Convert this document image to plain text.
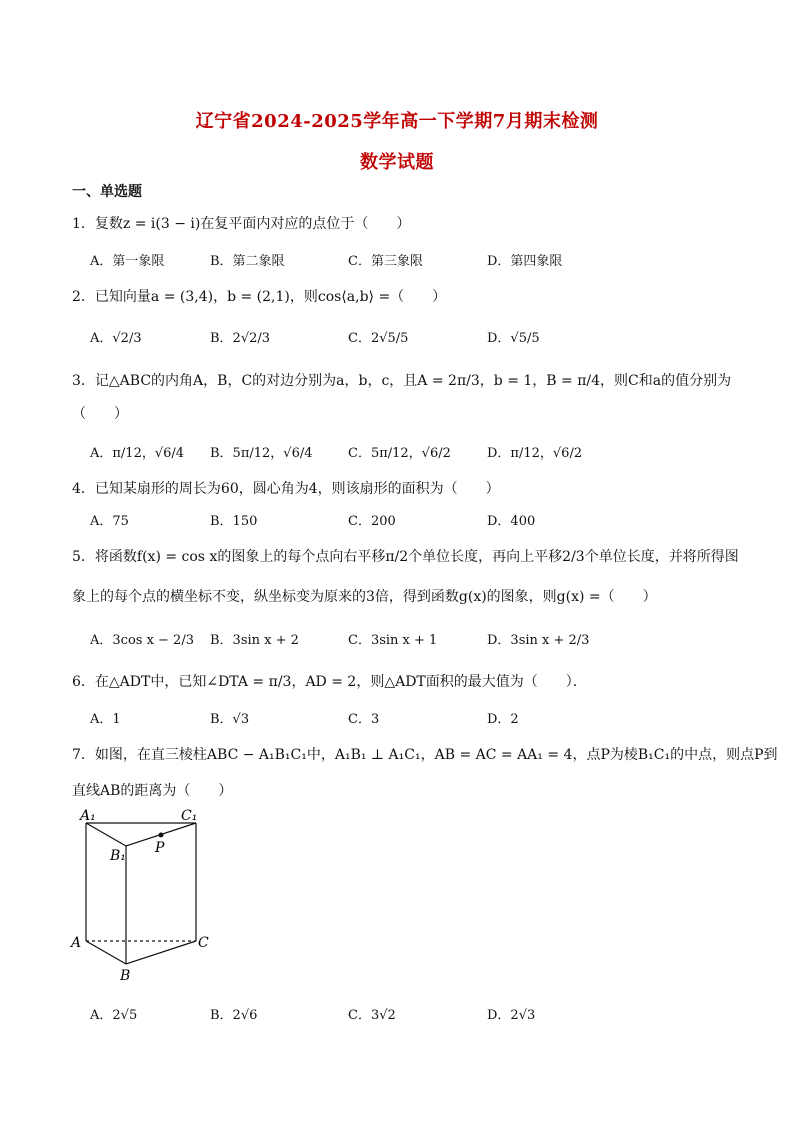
辽宁省2024-2025学年高一下学期7月期末检测
数学试题
一、单选题
1．复数z = i(3 − i)在复平面内对应的点位于（　　）
A．第一象限	B．第二象限	C．第三象限	D．第四象限
2．已知向量a = (3,4)，b = (2,1)，则cos⟨a,b⟩ =（　　）
A．√2/3	B．2√2/3	C．2√5/5	D．√5/5
3．记△ABC的内角A，B，C的对边分别为a，b，c，且A = 2π/3，b = 1，B = π/4，则C和a的值分别为
（　　）
A．π/12，√6/4 B．5π/12，√6/4	C．5π/12，√6/2	D．π/12，√6/2
4．已知某扇形的周长为60，圆心角为4，则该扇形的面积为（　　）
A．75	B．150	C．200	D．400
5．将函数f(x) = cos x的图象上的每个点向右平移π/2个单位长度，再向上平移2/3个单位长度，并将所得图
象上的每个点的横坐标不变，纵坐标变为原来的3倍，得到函数g(x)的图象，则g(x) =（　　）
A．3cos x − 2/3 B．3sin x + 2	C．3sin x + 1	D．3sin x + 2/3
6．在△ADT中，已知∠DTA = π/3，AD = 2，则△ADT面积的最大值为（　　）．
A．1	B．√3	C．3	D．2
7．如图，在直三棱柱ABC − A₁B₁C₁中，A₁B₁ ⊥ A₁C₁，AB = AC = AA₁ = 4，点P为棱B₁C₁的中点，则点P到
直线AB的距离为（　　）
A₁	C₁
B₁ P
A	C
B
A．2√5	B．2√6	C．3√2	D．2√3
